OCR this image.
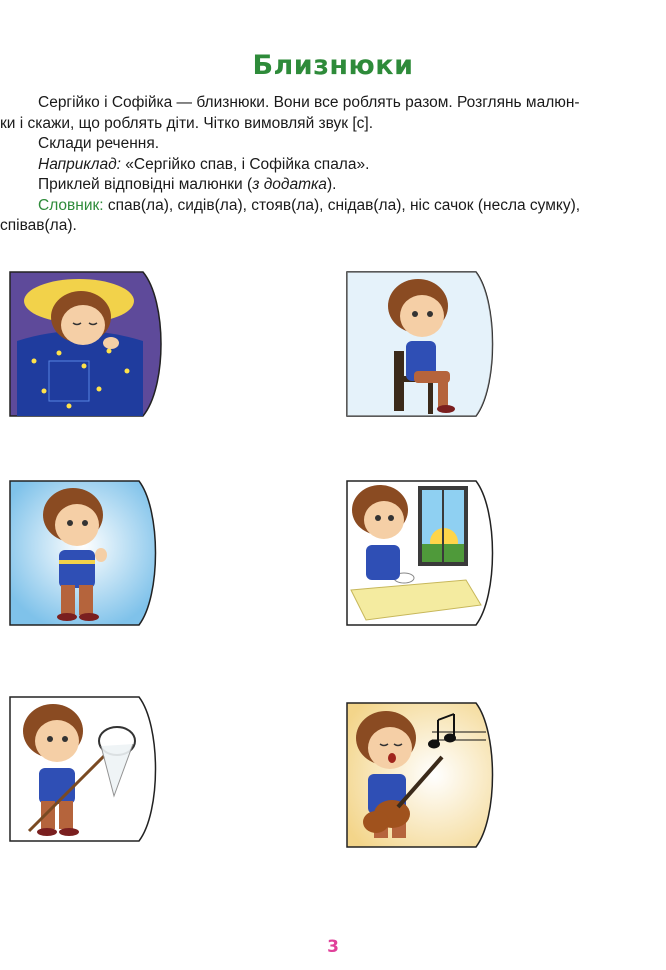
Близнюки

Сергійко і Софійка — близнюки. Вони все роблять разом. Розглянь малюн-

ки і скажи, що роблять діти. Чітко вимовляй звук [с].

Склади речення.

Наприклад: «Сергійко спав, і Софійка спала».

Приклей відповідні малюнки (з додатка).

Словник: спав(ла), сидів(ла), стояв(ла), снідав(ла), ніс сачок (несла сумку),

співав(ла).

3
